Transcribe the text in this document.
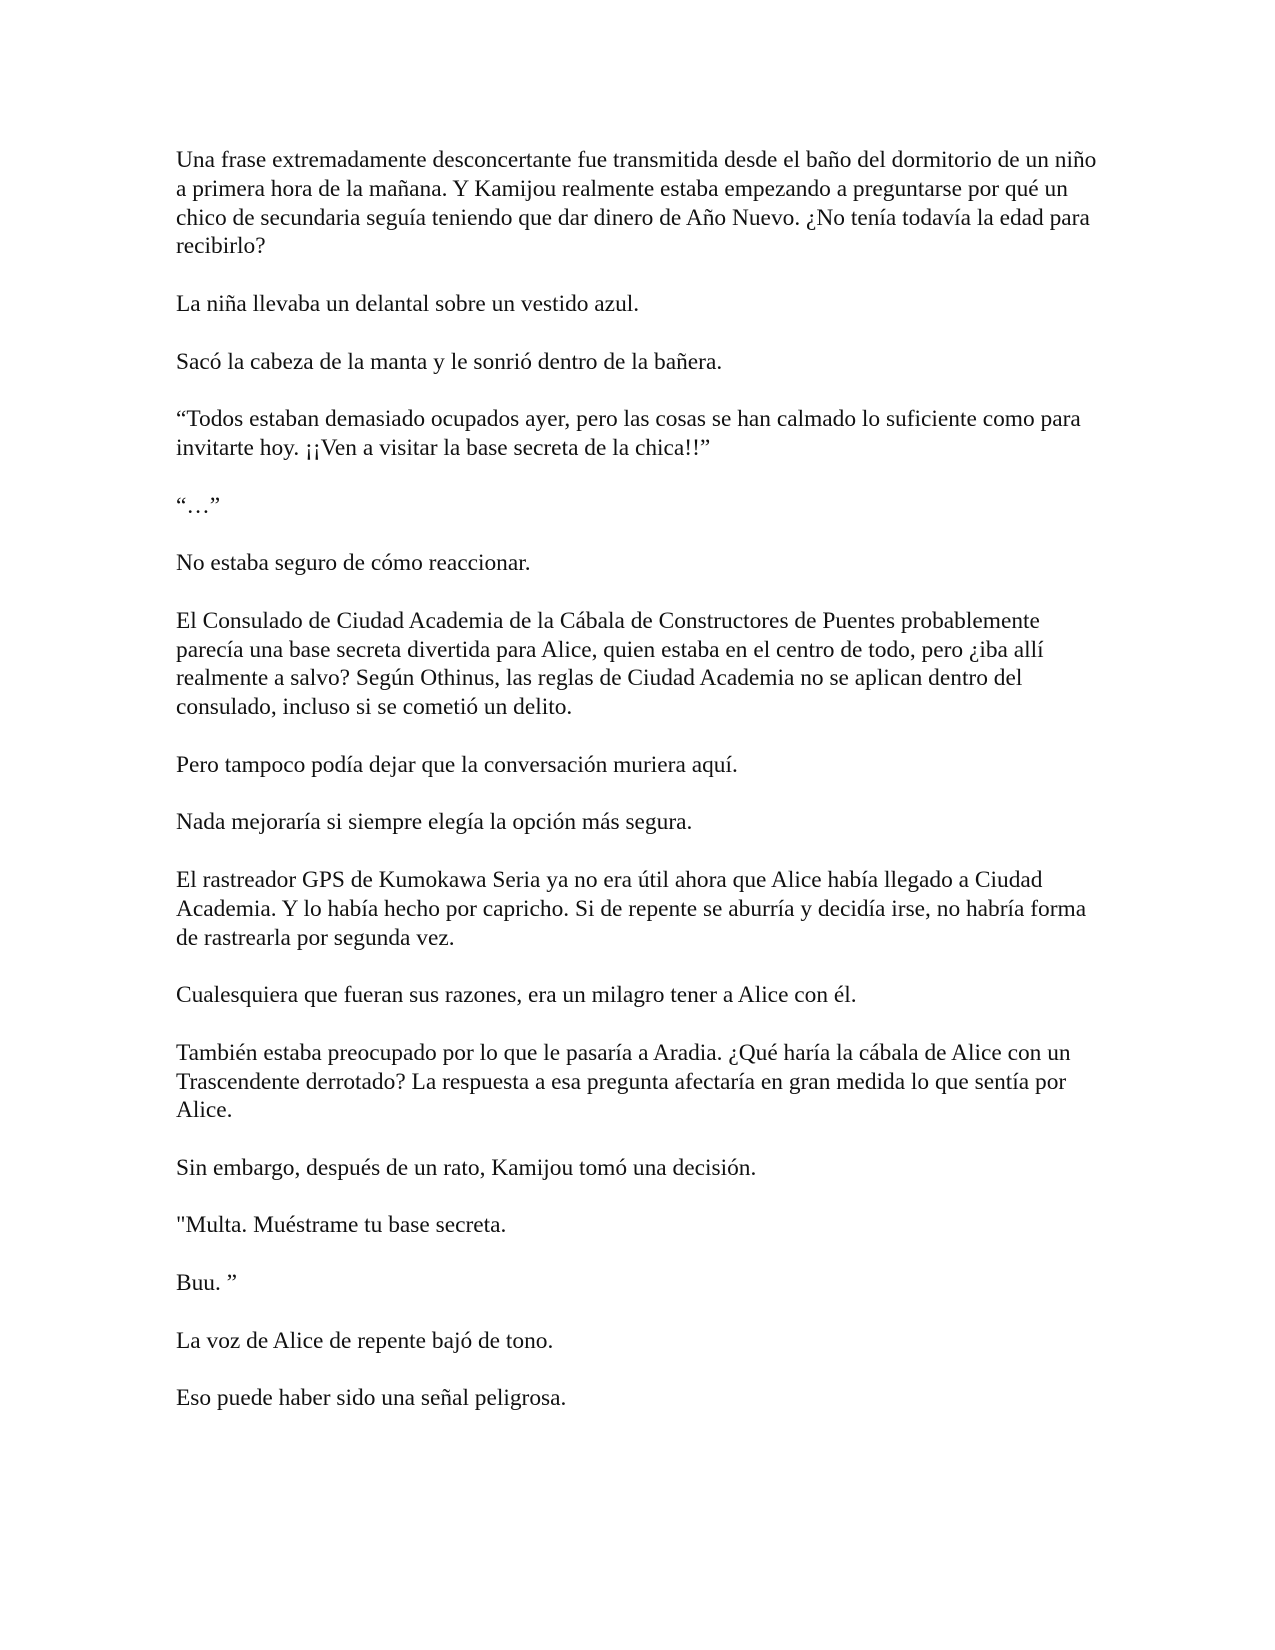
Una frase extremadamente desconcertante fue transmitida desde el baño del dormitorio de un niño a primera hora de la mañana. Y Kamijou realmente estaba empezando a preguntarse por qué un chico de secundaria seguía teniendo que dar dinero de Año Nuevo. ¿No tenía todavía la edad para recibirlo?

La niña llevaba un delantal sobre un vestido azul.

Sacó la cabeza de la manta y le sonrió dentro de la bañera.

“Todos estaban demasiado ocupados ayer, pero las cosas se han calmado lo suficiente como para invitarte hoy. ¡¡Ven a visitar la base secreta de la chica!!”

“…”

No estaba seguro de cómo reaccionar.

El Consulado de Ciudad Academia de la Cábala de Constructores de Puentes probablemente parecía una base secreta divertida para Alice, quien estaba en el centro de todo, pero ¿iba allí realmente a salvo? Según Othinus, las reglas de Ciudad Academia no se aplican dentro del consulado, incluso si se cometió un delito.

Pero tampoco podía dejar que la conversación muriera aquí.

Nada mejoraría si siempre elegía la opción más segura.

El rastreador GPS de Kumokawa Seria ya no era útil ahora que Alice había llegado a Ciudad Academia. Y lo había hecho por capricho. Si de repente se aburría y decidía irse, no habría forma de rastrearla por segunda vez.

Cualesquiera que fueran sus razones, era un milagro tener a Alice con él.

También estaba preocupado por lo que le pasaría a Aradia. ¿Qué haría la cábala de Alice con un Trascendente derrotado? La respuesta a esa pregunta afectaría en gran medida lo que sentía por Alice.

Sin embargo, después de un rato, Kamijou tomó una decisión.

"Multa. Muéstrame tu base secreta.

Buu. ”

La voz de Alice de repente bajó de tono.

Eso puede haber sido una señal peligrosa.
